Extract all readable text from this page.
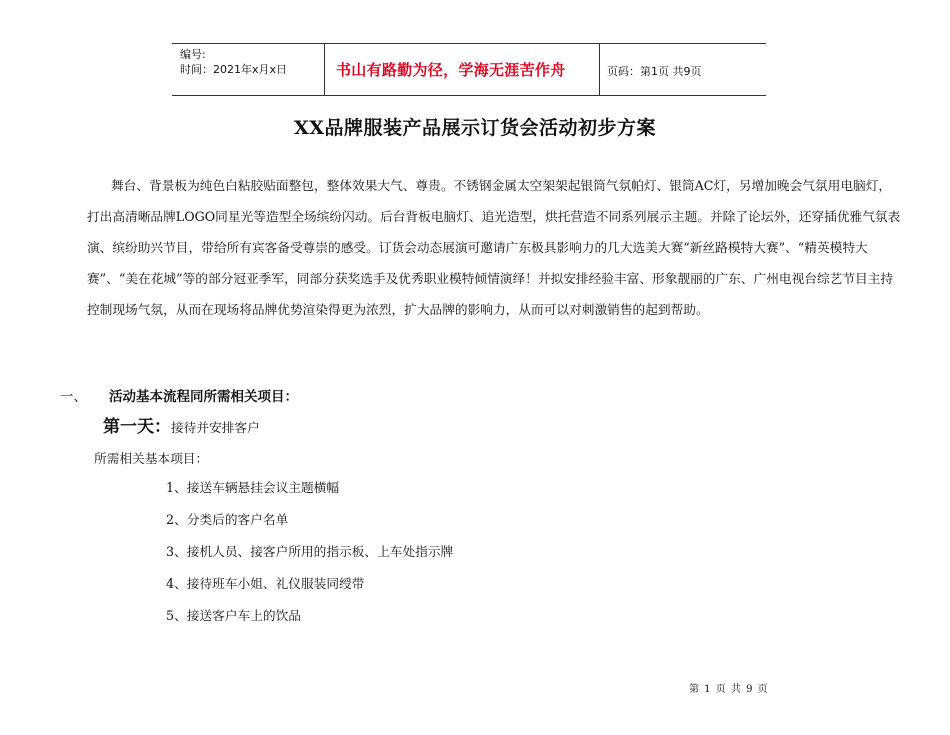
编号:
时间：2021年x月x日	书山有路勤为径，学海无涯苦作舟	页码：第1页 共9页
XX品牌服装产品展示订货会活动初步方案

舞台、背景板为纯色白粘胶贴面整包，整体效果大气、尊贵。不锈钢金属太空架架起银筒气氛帕灯、银筒AC灯，另增加晚会气氛用电脑灯，打出高清晰品牌LOGO同星光等造型全场缤纷闪动。后台背板电脑灯、追光造型，烘托营造不同系列展示主题。并除了论坛外，还穿插优雅气氛表演、缤纷助兴节目，带给所有宾客备受尊崇的感受。订货会动态展演可邀请广东极具影响力的几大选美大赛“新丝路模特大赛”、“精英模特大赛”、“美在花城”等的部分冠亚季军，同部分获奖选手及优秀职业模特倾情演绎！并拟安排经验丰富、形象靓丽的广东、广州电视台综艺节目主持控制现场气氛，从而在现场将品牌优势渲染得更为浓烈，扩大品牌的影响力，从而可以对刺激销售的起到帮助。

一、 活动基本流程同所需相关项目：
第一天：接待并安排客户
所需相关基本项目：
1、接送车辆悬挂会议主题横幅
2、分类后的客户名单
3、接机人员、接客户所用的指示板、上车处指示牌
4、接待班车小姐、礼仪服装同绶带
5、接送客户车上的饮品
第 1 页 共 9 页
